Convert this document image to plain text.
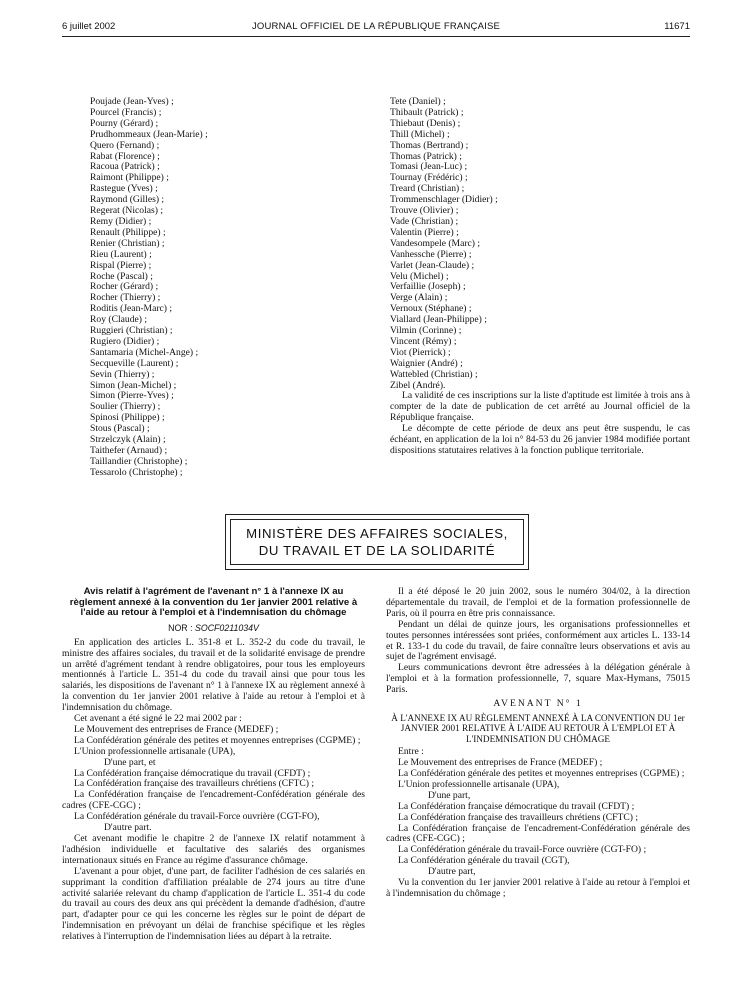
6 juillet 2002	JOURNAL OFFICIEL DE LA RÉPUBLIQUE FRANÇAISE	11671
Poujade (Jean-Yves) ;
Pourcel (Francis) ;
Pourny (Gérard) ;
Prudhommeaux (Jean-Marie) ;
Quero (Fernand) ;
Rabat (Florence) ;
Racoua (Patrick) ;
Raimont (Philippe) ;
Rastegue (Yves) ;
Raymond (Gilles) ;
Regerat (Nicolas) ;
Remy (Didier) ;
Renault (Philippe) ;
Renier (Christian) ;
Rieu (Laurent) ;
Rispal (Pierre) ;
Roche (Pascal) ;
Rocher (Gérard) ;
Rocher (Thierry) ;
Roditis (Jean-Marc) ;
Roy (Claude) ;
Ruggieri (Christian) ;
Rugiero (Didier) ;
Santamaria (Michel-Ange) ;
Secqueville (Laurent) ;
Sevin (Thierry) ;
Simon (Jean-Michel) ;
Simon (Pierre-Yves) ;
Soulier (Thierry) ;
Spinosi (Philippe) ;
Stous (Pascal) ;
Strzelczyk (Alain) ;
Taithefer (Arnaud) ;
Taillandier (Christophe) ;
Tessarolo (Christophe) ;
Tete (Daniel) ;
Thibault (Patrick) ;
Thiebaut (Denis) ;
Thill (Michel) ;
Thomas (Bertrand) ;
Thomas (Patrick) ;
Tomasi (Jean-Luc) ;
Tournay (Frédéric) ;
Treard (Christian) ;
Trommenschlager (Didier) ;
Trouve (Olivier) ;
Vade (Christian) ;
Valentin (Pierre) ;
Vandesompele (Marc) ;
Vanhessche (Pierre) ;
Varlet (Jean-Claude) ;
Velu (Michel) ;
Verfaillie (Joseph) ;
Verge (Alain) ;
Vernoux (Stéphane) ;
Viallard (Jean-Philippe) ;
Vilmin (Corinne) ;
Vincent (Rémy) ;
Viot (Pierrick) ;
Waignier (André) ;
Wattebled (Christian) ;
Zibel (André).

La validité de ces inscriptions sur la liste d'aptitude est limitée à trois ans à compter de la date de publication de cet arrêté au Journal officiel de la République française.

Le décompte de cette période de deux ans peut être suspendu, le cas échéant, en application de la loi n° 84-53 du 26 janvier 1984 modifiée portant dispositions statutaires relatives à la fonction publique territoriale.

MINISTÈRE DES AFFAIRES SOCIALES,
DU TRAVAIL ET DE LA SOLIDARITÉ

Avis relatif à l'agrément de l'avenant n° 1 à l'annexe IX au règlement annexé à la convention du 1er janvier 2001 relative à l'aide au retour à l'emploi et à l'indemnisation du chômage

NOR : SOCF0211034V

En application des articles L. 351-8 et L. 352-2 du code du travail, le ministre des affaires sociales, du travail et de la solidarité envisage de prendre un arrêté d'agrément tendant à rendre obligatoires, pour tous les employeurs mentionnés à l'article L. 351-4 du code du travail ainsi que pour tous les salariés, les dispositions de l'avenant n° 1 à l'annexe IX au règlement annexé à la convention du 1er janvier 2001 relative à l'aide au retour à l'emploi et à l'indemnisation du chômage.

Cet avenant a été signé le 22 mai 2002 par :

Le Mouvement des entreprises de France (MEDEF) ;

La Confédération générale des petites et moyennes entreprises (CGPME) ;

L'Union professionnelle artisanale (UPA),

D'une part, et

La Confédération française démocratique du travail (CFDT) ;

La Confédération française des travailleurs chrétiens (CFTC) ;

La Confédération française de l'encadrement-Confédération générale des cadres (CFE-CGC) ;

La Confédération générale du travail-Force ouvrière (CGT-FO),

D'autre part.

Cet avenant modifie le chapitre 2 de l'annexe IX relatif notamment à l'adhésion individuelle et facultative des salariés des organismes internationaux situés en France au régime d'assurance chômage.

L'avenant a pour objet, d'une part, de faciliter l'adhésion de ces salariés en supprimant la condition d'affiliation préalable de 274 jours au titre d'une activité salariée relevant du champ d'application de l'article L. 351-4 du code du travail au cours des deux ans qui précèdent la demande d'adhésion, d'autre part, d'adapter pour ce qui les concerne les règles sur le point de départ de l'indemnisation en prévoyant un délai de franchise spécifique et les règles relatives à l'interruption de l'indemnisation liées au départ à la retraite.

Il a été déposé le 20 juin 2002, sous le numéro 304/02, à la direction départementale du travail, de l'emploi et de la formation professionnelle de Paris, où il pourra en être pris connaissance.

Pendant un délai de quinze jours, les organisations professionnelles et toutes personnes intéressées sont priées, conformément aux articles L. 133-14 et R. 133-1 du code du travail, de faire connaître leurs observations et avis au sujet de l'agrément envisagé.

Leurs communications devront être adressées à la délégation générale à l'emploi et à la formation professionnelle, 7, square Max-Hymans, 75015 Paris.

AVENANT N° 1

À L'ANNEXE IX AU RÈGLEMENT ANNEXÉ À LA CONVENTION DU 1er JANVIER 2001 RELATIVE À L'AIDE AU RETOUR À L'EMPLOI ET À L'INDEMNISATION DU CHÔMAGE

Entre :

Le Mouvement des entreprises de France (MEDEF) ;

La Confédération générale des petites et moyennes entreprises (CGPME) ;

L'Union professionnelle artisanale (UPA),

D'une part,

La Confédération française démocratique du travail (CFDT) ;

La Confédération française des travailleurs chrétiens (CFTC) ;

La Confédération française de l'encadrement-Confédération générale des cadres (CFE-CGC) ;

La Confédération générale du travail-Force ouvrière (CGT-FO) ;

La Confédération générale du travail (CGT),

D'autre part,

Vu la convention du 1er janvier 2001 relative à l'aide au retour à l'emploi et à l'indemnisation du chômage ;
